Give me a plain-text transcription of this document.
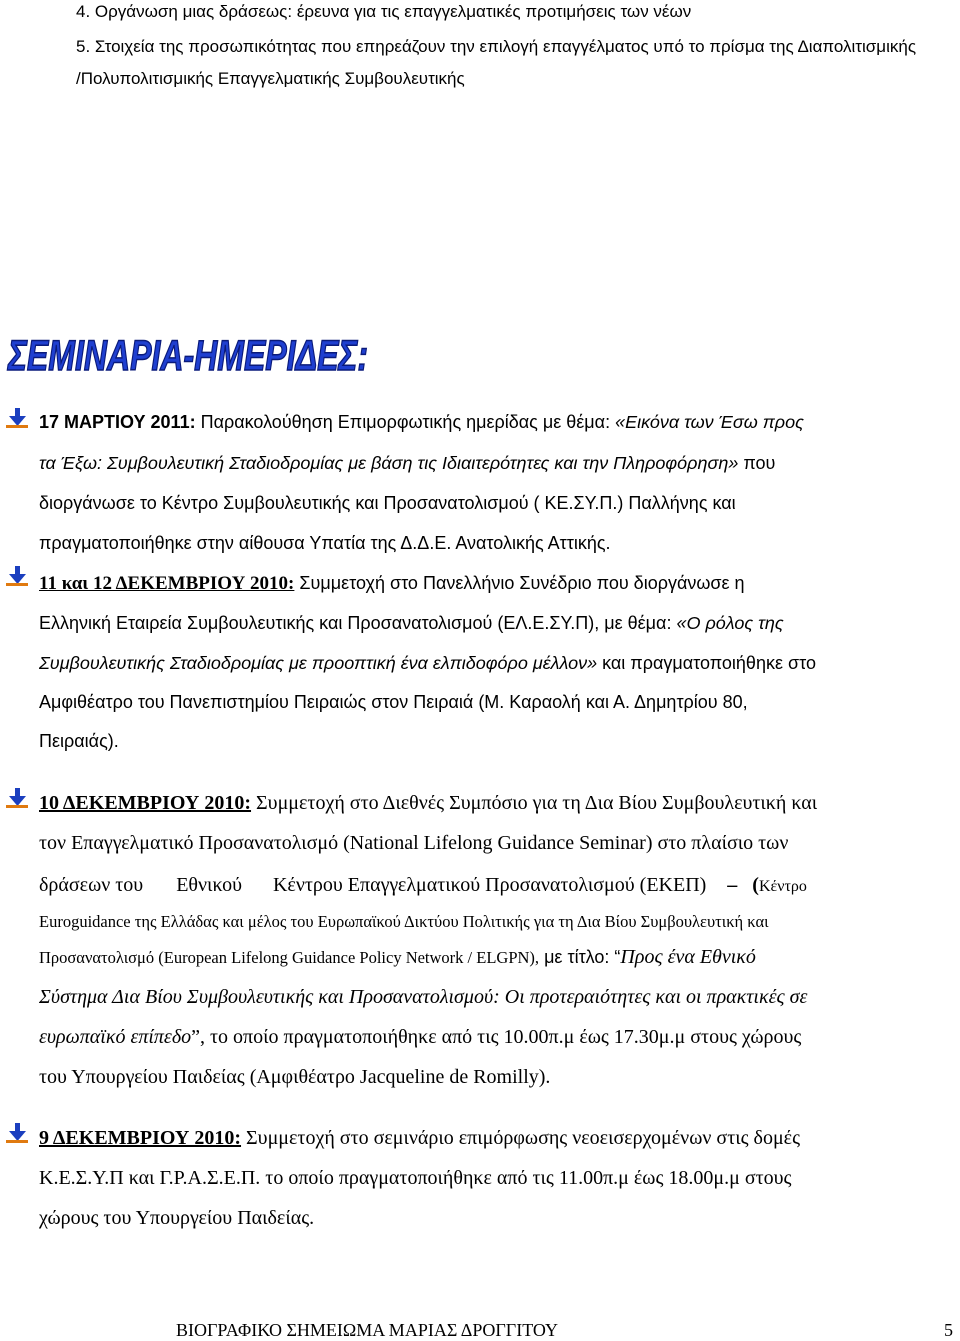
4. Οργάνωση μιας δράσεως: έρευνα για τις επαγγελματικές προτιμήσεις των νέων
5. Στοιχεία της προσωπικότητας που επηρεάζουν την επιλογή επαγγέλματος υπό το πρίσμα της Διαπολιτισμικής
/Πολυπολιτισμικής Επαγγελματικής Συμβουλευτικής
ΣΕΜΙΝΑΡΙΑ-ΗΜΕΡΙΔΕΣ:
ΣΕΜΙΝΑΡΙΑ-ΗΜΕΡΙΔΕΣ:
17 ΜΑΡΤΙΟΥ 2011: Παρακολούθηση Επιμορφωτικής ημερίδας με θέμα: «Εικόνα των Έσω προς
τα Έξω: Συμβουλευτική Σταδιοδρομίας με βάση τις Ιδιαιτερότητες και την Πληροφόρηση» που
διοργάνωσε το Κέντρο Συμβουλευτικής και Προσανατολισμού ( ΚΕ.ΣΥ.Π.) Παλλήνης και
πραγματοποιήθηκε στην αίθουσα Υπατία της Δ.Δ.Ε. Ανατολικής Αττικής.
11 και 12 ΔΕΚΕΜΒΡΙΟΥ 2010: Συμμετοχή στο Πανελλήνιο Συνέδριο που διοργάνωσε η
Ελληνική Εταιρεία Συμβουλευτικής και Προσανατολισμού (ΕΛ.Ε.ΣΥ.Π), με θέμα: «Ο ρόλος της
Συμβουλευτικής Σταδιοδρομίας με προοπτική ένα ελπιδοφόρο μέλλον» και πραγματοποιήθηκε στο
Αμφιθέατρο του Πανεπιστημίου Πειραιώς στον Πειραιά (Μ. Καραολή και Α. Δημητρίου 80,
Πειραιάς).
10 ΔΕΚΕΜΒΡΙΟΥ 2010: Συμμετοχή στο Διεθνές Συμπόσιο για τη Δια Βίου Συμβουλευτική και
τον Επαγγελματικό Προσανατολισμό (National Lifelong Guidance Seminar) στο πλαίσιο των
δράσεων του Εθνικού Κέντρου Επαγγελματικού Προσανατολισμού (ΕΚΕΠ) – (Κέντρο
Euroguidance της Ελλάδας και μέλος του Ευρωπαϊκού Δικτύου Πολιτικής για τη Δια Βίου Συμβουλευτική και
Προσανατολισμό (European Lifelong Guidance Policy Network / ELGPN), με τίτλο: “Προς ένα Εθνικό
Σύστημα Δια Βίου Συμβουλευτικής και Προσανατολισμού: Οι προτεραιότητες και οι πρακτικές σε
ευρωπαϊκό επίπεδο”, το οποίο πραγματοποιήθηκε από τις 10.00π.μ έως 17.30μ.μ στους χώρους
του Υπουργείου Παιδείας (Αμφιθέατρο Jacqueline de Romilly).
9 ΔΕΚΕΜΒΡΙΟΥ 2010: Συμμετοχή στο σεμινάριο επιμόρφωσης νεοεισερχομένων στις δομές
Κ.Ε.Σ.Υ.Π και Γ.Ρ.Α.Σ.Ε.Π. το οποίο πραγματοποιήθηκε από τις 11.00π.μ έως 18.00μ.μ στους
χώρους του Υπουργείου Παιδείας.
ΒΙΟΓΡΑΦΙΚΟ ΣΗΜΕΙΩΜΑ ΜΑΡΙΑΣ ΔΡΟΓΓΙΤΟΥ	5
